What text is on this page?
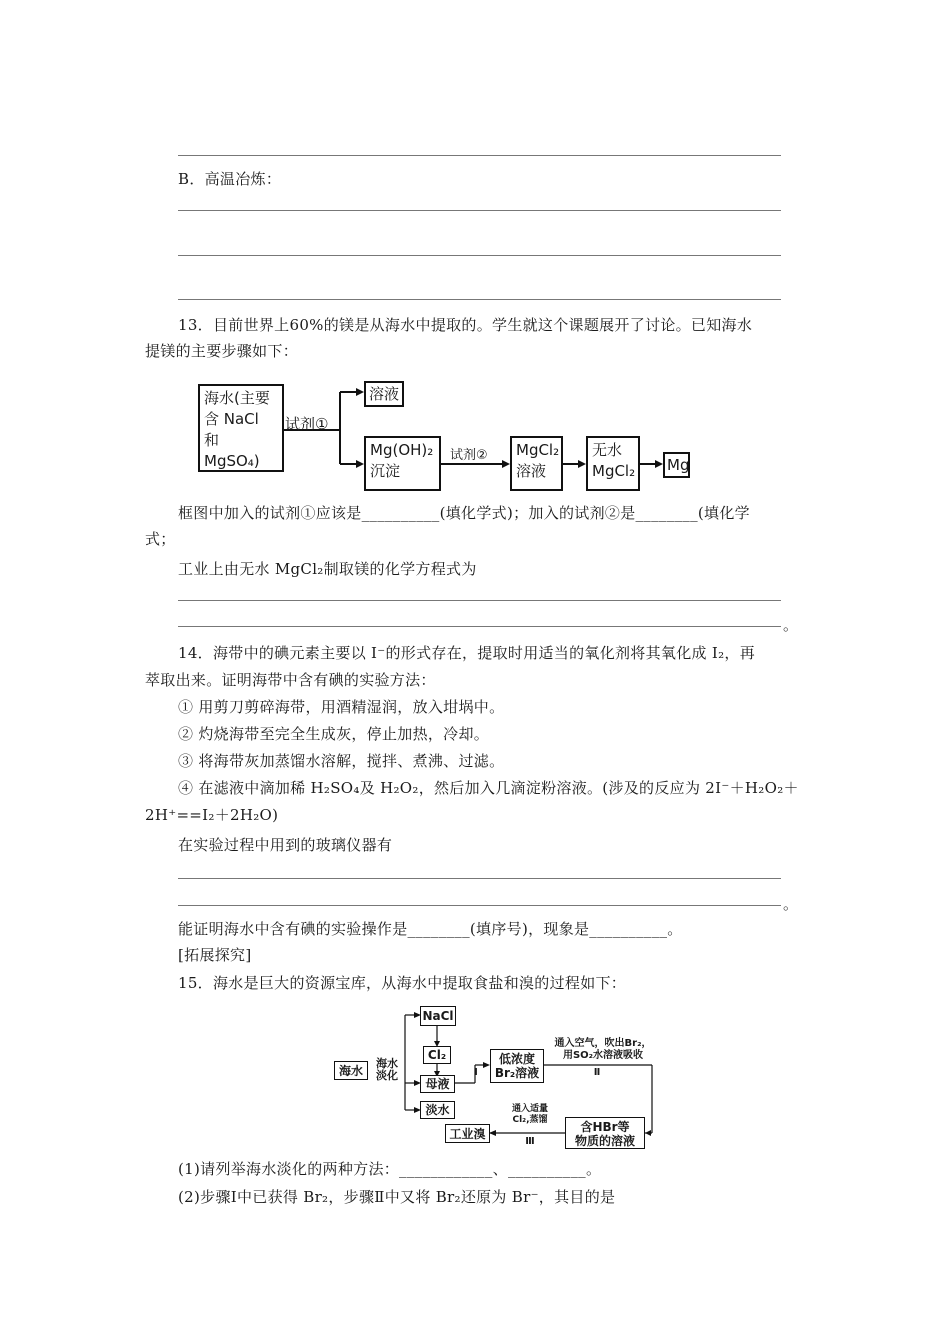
B．高温冶炼：
13．目前世界上60%的镁是从海水中提取的。学生就这个课题展开了讨论。已知海水
提镁的主要步骤如下：
海水(主要
含 NaCl 和
MgSO₄)
试剂①
溶液
Mg(OH)₂
沉淀
试剂② MgCl₂
溶液
无水
MgCl₂ Mg
框图中加入的试剂①应该是__________(填化学式)；加入的试剂②是________(填化学
式；
工业上由无水 MgCl₂制取镁的化学方程式为
。
14．海带中的碘元素主要以 I⁻的形式存在，提取时用适当的氧化剂将其氧化成 I₂，再
萃取出来。证明海带中含有碘的实验方法：
① 用剪刀剪碎海带，用酒精湿润，放入坩埚中。
② 灼烧海带至完全生成灰，停止加热，冷却。
③ 将海带灰加蒸馏水溶解，搅拌、煮沸、过滤。
④ 在滤液中滴加稀 H₂SO₄及 H₂O₂，然后加入几滴淀粉溶液。(涉及的反应为 2I⁻＋H₂O₂＋
2H⁺==I₂＋2H₂O)
在实验过程中用到的玻璃仪器有
。
能证明海水中含有碘的实验操作是________(填序号)，现象是__________。
[拓展探究]
15．海水是巨大的资源宝库，从海水中提取食盐和溴的过程如下：
海水
海水
淡化
NaCl
Cl₂
母液
淡水
Ⅰ
低浓度
Br₂溶液
通入空气，吹出Br₂，
用SO₂水溶液吸收
Ⅱ
含HBr等
物质的溶液
通入适量
Cl₂,蒸馏
Ⅲ
工业溴
(1)请列举海水淡化的两种方法：____________、__________。
(2)步骤Ⅰ中已获得 Br₂，步骤Ⅱ中又将 Br₂还原为 Br⁻，其目的是
